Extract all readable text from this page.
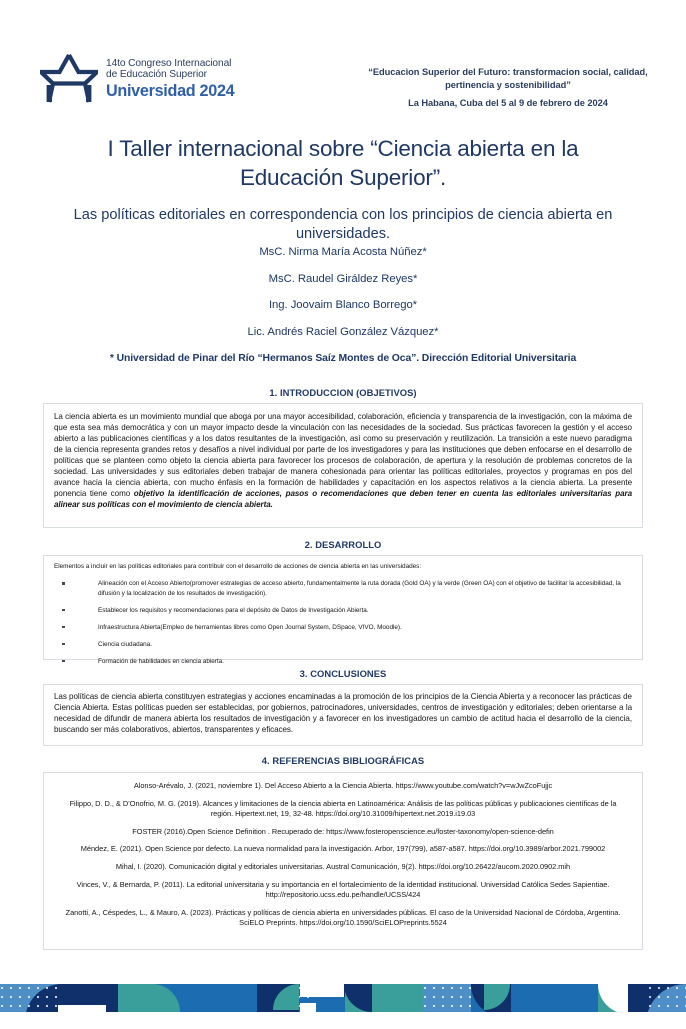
14to Congreso Internacional
de Educación Superior
Universidad 2024
“Educacion Superior del Futuro: transformacion social, calidad, pertinencia y sostenibilidad”
La Habana, Cuba del 5 al 9 de febrero de 2024
I Taller internacional sobre “Ciencia abierta en la Educación Superior”.
Las políticas editoriales en correspondencia con los principios de ciencia abierta en universidades.
MsC. Nirma María Acosta Núñez*
MsC. Raudel Giráldez Reyes*
Ing. Joovaim Blanco Borrego*
Lic. Andrés Raciel González Vázquez*
* Universidad de Pinar del Río “Hermanos Saíz Montes de Oca”. Dirección Editorial Universitaria
1. INTRODUCCION (OBJETIVOS)

La ciencia abierta es un movimiento mundial que aboga por una mayor accesibilidad, colaboración, eficiencia y transparencia de la investigación, con la máxima de que esta sea más democrática y con un mayor impacto desde la vinculación con las necesidades de la sociedad. Sus prácticas favorecen la gestión y el acceso abierto a las publicaciones científicas y a los datos resultantes de la investigación, así como su preservación y reutilización. La transición a este nuevo paradigma de la ciencia representa grandes retos y desafíos a nivel individual por parte de los investigadores y para las instituciones que deben enfocarse en el desarrollo de políticas que se planteen como objeto la ciencia abierta para favorecer los procesos de colaboración, de apertura y la resolución de problemas concretos de la sociedad. Las universidades y sus editoriales deben trabajar de manera cohesionada para orientar las políticas editoriales, proyectos y programas en pos del avance hacia la ciencia abierta, con mucho énfasis en la formación de habilidades y capacitación en los aspectos relativos a la ciencia abierta. La presente ponencia tiene como objetivo la identificación de acciones, pasos o recomendaciones que deben tener en cuenta las editoriales universitarias para alinear sus políticas con el movimiento de ciencia abierta.

2. DESARROLLO
Elementos a incluir en las políticas editoriales para contribuir con el desarrollo de acciones de ciencia abierta en las universidades:
Alineación con el Acceso Abierto(promover estrategias de acceso abierto, fundamentalmente la ruta dorada (Gold OA) y la verde (Green OA) con el objetivo de facilitar la accesibilidad, la difusión y la localización de los resultados de investigación).
Establecer los requisitos y recomendaciones para el depósito de Datos de Investigación Abierta.
Infraestructura Abierta(Empleo de herramientas libres como Open Journal System, DSpace, VIVO, Moodle).
Ciencia ciudadana.
Formación de habilidades en ciencia abierta.
3. CONCLUSIONES

Las políticas de ciencia abierta constituyen estrategias y acciones encaminadas a la promoción de los principios de la Ciencia Abierta y a reconocer las prácticas de Ciencia Abierta. Estas políticas pueden ser establecidas, por gobiernos, patrocinadores, universidades, centros de investigación y editoriales; deben orientarse a la necesidad de difundir de manera abierta los resultados de investigación y a favorecer en los investigadores un cambio de actitud hacia el desarrollo de la ciencia, buscando ser más colaborativos, abiertos, transparentes y eficaces.

4. REFERENCIAS BIBLIOGRÁFICAS
Alonso-Arévalo, J. (2021, noviembre 1). Del Acceso Abierto a la Ciencia Abierta. https://www.youtube.com/watch?v=wJwZcoFujjc
Filippo, D. D., & D’Onofrio, M. G. (2019). Alcances y limitaciones de la ciencia abierta en Latinoamérica: Análisis de las políticas públicas y publicaciones científicas de la región. Hipertext.net, 19, 32-48. https://doi.org/10.31009/hipertext.net.2019.i19.03
FOSTER (2016).Open Science Definition . Recuperado de: https://www.fosteropenscience.eu/foster-taxonomy/open-science-defin
Méndez, E. (2021). Open Science por defecto. La nueva normalidad para la investigación. Arbor, 197(799), a587-a587. https://doi.org/10.3989/arbor.2021.799002
Mihal, I. (2020). Comunicación digital y editoriales universitarias. Austral Comunicación, 9(2). https://doi.org/10.26422/aucom.2020.0902.mih
Vinces, V., & Bernarda, P. (2011). La editorial universitaria y su importancia en el fortalecimiento de la identidad institucional. Universidad Católica Sedes Sapientiae. http://repositorio.ucss.edu.pe/handle/UCSS/424
Zanotti, A., Céspedes, L., & Mauro, A. (2023). Prácticas y políticas de ciencia abierta en universidades públicas. El caso de la Universidad Nacional de Córdoba, Argentina. SciELO Preprints. https://doi.org/10.1590/SciELOPreprints.5524
